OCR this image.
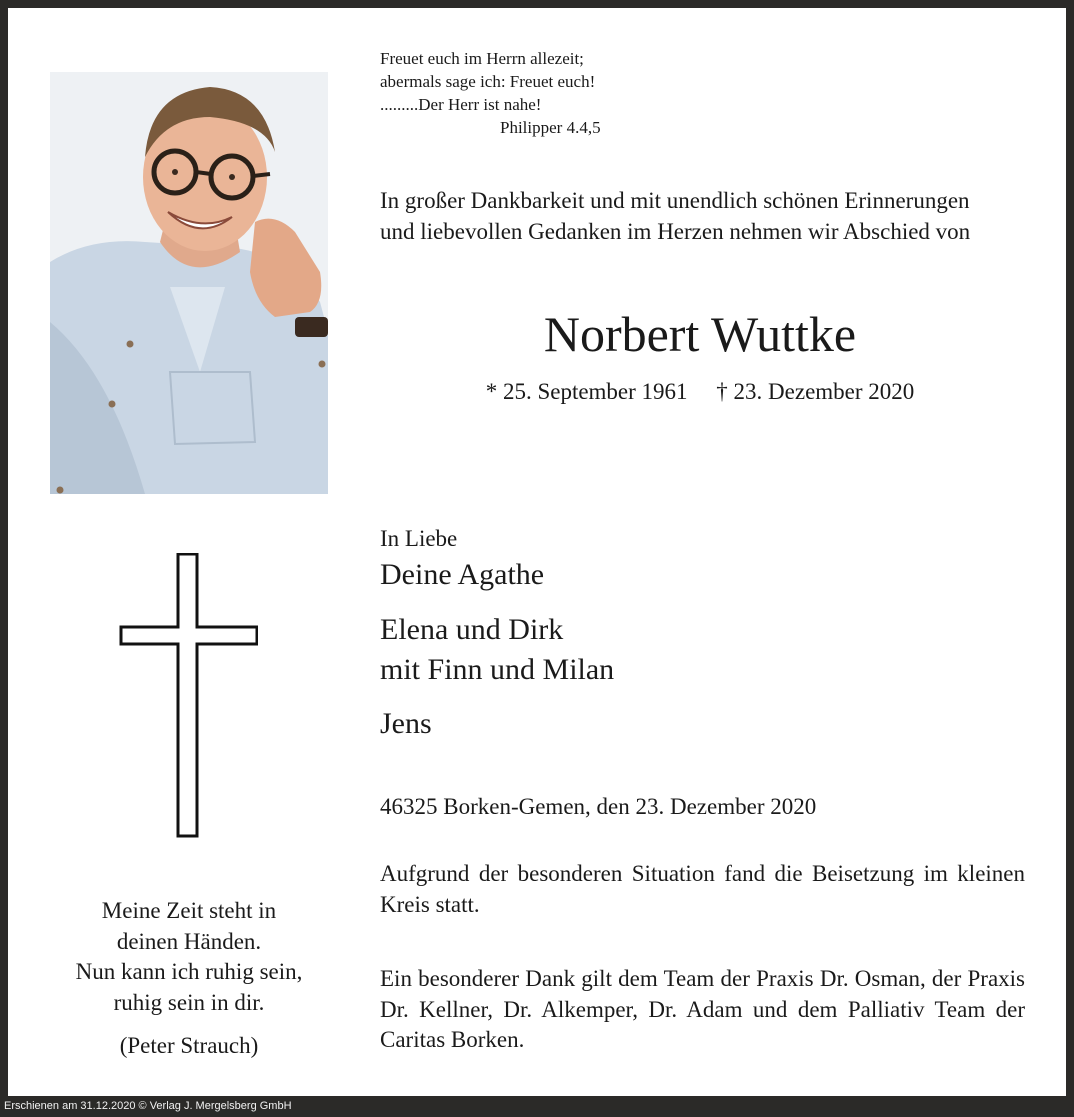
Freuet euch im Herrn allezeit;
abermals sage ich: Freuet euch!
.........Der Herr ist nahe!
Philipper 4.4,5
In großer Dankbarkeit und mit unendlich schönen Erinnerungen
und liebevollen Gedanken im Herzen nehmen wir Abschied von
Norbert Wuttke
* 25. September 1961     † 23. Dezember 2020
Meine Zeit steht in
deinen Händen.
Nun kann ich ruhig sein,
ruhig sein in dir.
(Peter Strauch)
In Liebe
Deine Agathe
Elena und Dirk
mit Finn und Milan
Jens
46325 Borken-Gemen, den 23. Dezember 2020
Aufgrund der besonderen Situation fand die Beisetzung im kleinen Kreis statt.
Ein besonderer Dank gilt dem Team der Praxis Dr. Osman, der Praxis Dr. Kellner, Dr. Alkemper, Dr. Adam und dem Palliativ Team der Caritas Borken.
Erschienen am 31.12.2020 © Verlag J. Mergelsberg GmbH
